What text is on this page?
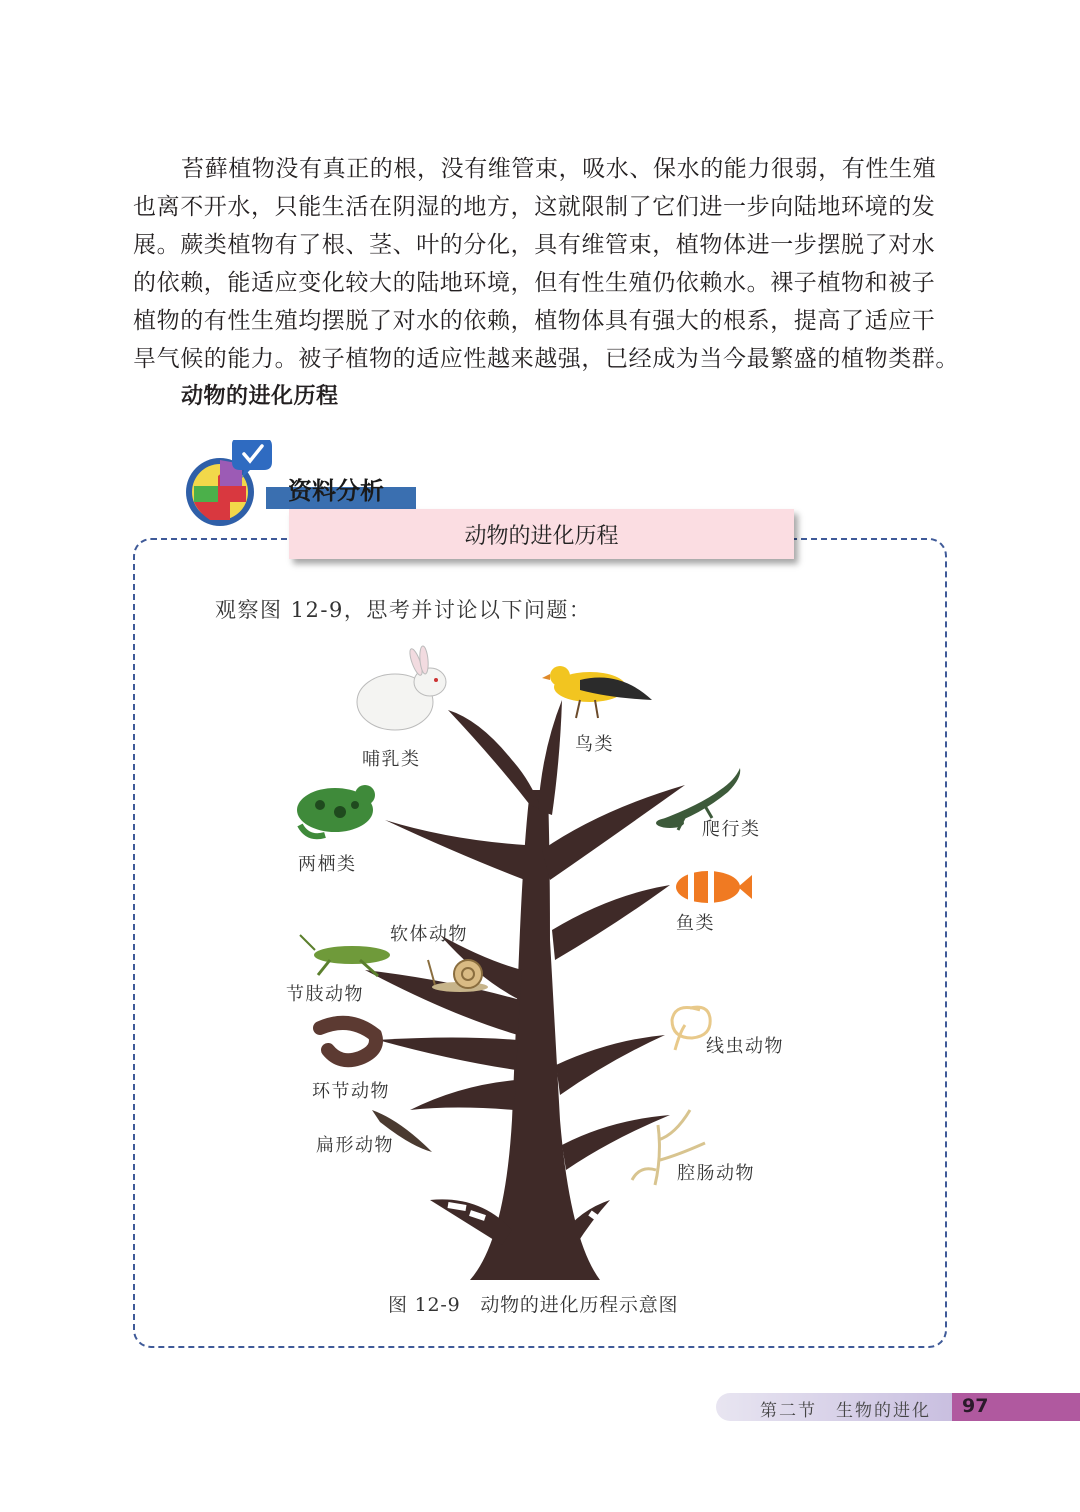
苔藓植物没有真正的根，没有维管束，吸水、保水的能力很弱，有性生殖
也离不开水，只能生活在阴湿的地方，这就限制了它们进一步向陆地环境的发
展。蕨类植物有了根、茎、叶的分化，具有维管束，植物体进一步摆脱了对水
的依赖，能适应变化较大的陆地环境，但有性生殖仍依赖水。裸子植物和被子
植物的有性生殖均摆脱了对水的依赖，植物体具有强大的根系，提高了适应干
旱气候的能力。被子植物的适应性越来越强，已经成为当今最繁盛的植物类群。
动物的进化历程
资料分析
动物的进化历程
观察图 12-9，思考并讨论以下问题：
哺乳类
鸟类
爬行类
两栖类
鱼类
软体动物
节肢动物
线虫动物
环节动物
扁形动物
腔肠动物
图 12-9　动物的进化历程示意图
第二节　生物的进化 97
